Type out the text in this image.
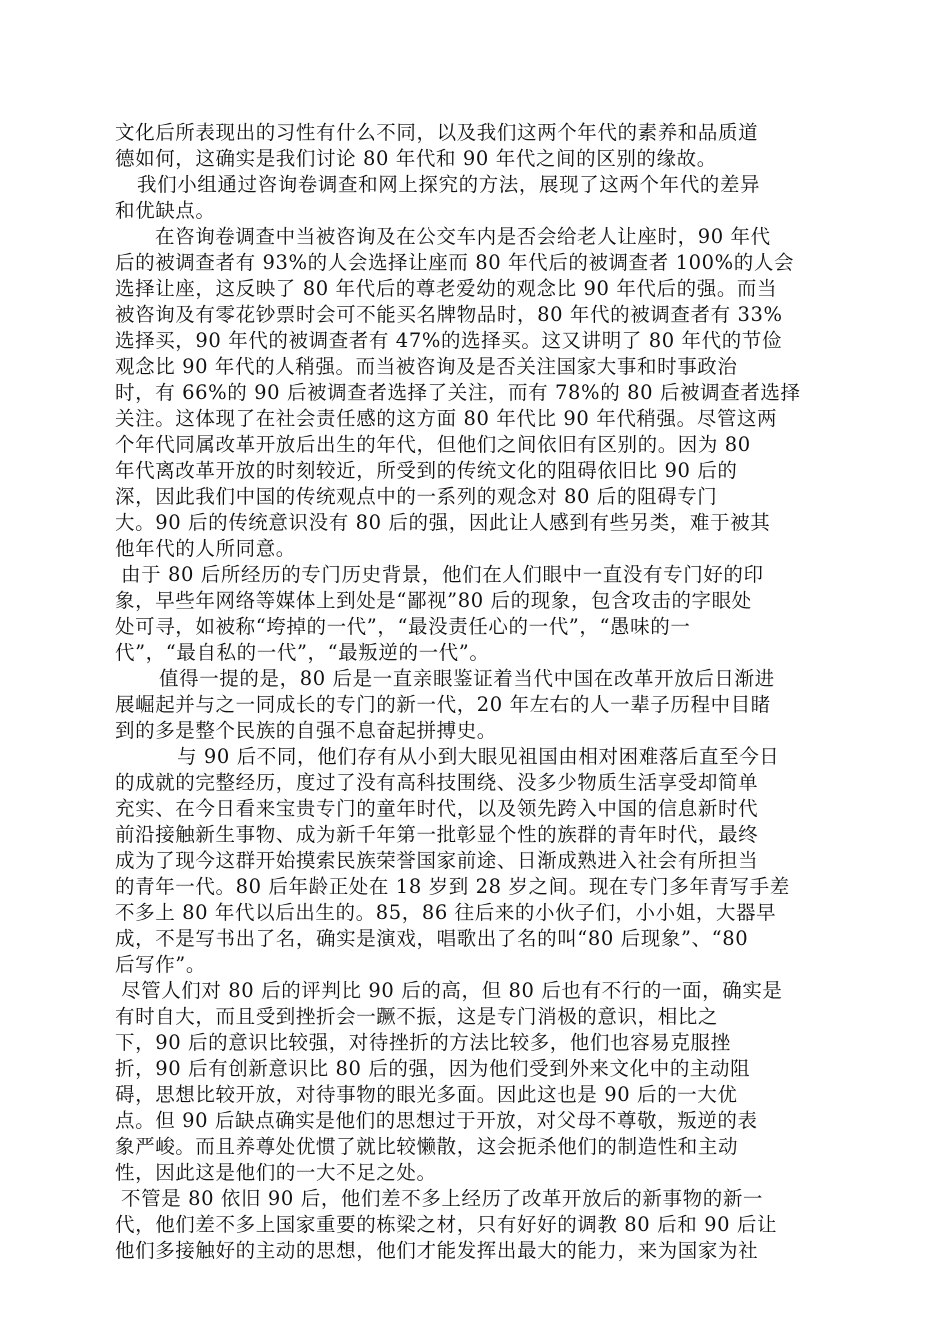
文化后所表现出的习性有什么不同，以及我们这两个年代的素养和品质道
德如何，这确实是我们讨论 80 年代和 90 年代之间的区别的缘故。
我们小组通过咨询卷调查和网上探究的方法，展现了这两个年代的差异
和优缺点。
在咨询卷调查中当被咨询及在公交车内是否会给老人让座时，90 年代
后的被调查者有 93%的人会选择让座而 80 年代后的被调查者 100%的人会
选择让座，这反映了 80 年代后的尊老爱幼的观念比 90 年代后的强。而当
被咨询及有零花钞票时会可不能买名牌物品时，80 年代的被调查者有 33%
选择买，90 年代的被调查者有 47%的选择买。这又讲明了 80 年代的节俭
观念比 90 年代的人稍强。而当被咨询及是否关注国家大事和时事政治
时，有 66%的 90 后被调查者选择了关注，而有 78%的 80 后被调查者选择
关注。这体现了在社会责任感的这方面 80 年代比 90 年代稍强。尽管这两
个年代同属改革开放后出生的年代，但他们之间依旧有区别的。因为 80
年代离改革开放的时刻较近，所受到的传统文化的阻碍依旧比 90 后的
深，因此我们中国的传统观点中的一系列的观念对 80 后的阻碍专门
大。90 后的传统意识没有 80 后的强，因此让人感到有些另类，难于被其
他年代的人所同意。
由于 80 后所经历的专门历史背景，他们在人们眼中一直没有专门好的印
象，早些年网络等媒体上到处是“鄙视”80 后的现象，包含攻击的字眼处
处可寻，如被称“垮掉的一代”，“最没责任心的一代”，“愚味的一
代”，“最自私的一代”，“最叛逆的一代”。
值得一提的是，80 后是一直亲眼鉴证着当代中国在改革开放后日渐进
展崛起并与之一同成长的专门的新一代，20 年左右的人一辈子历程中目睹
到的多是整个民族的自强不息奋起拼搏史。
与 90 后不同，他们存有从小到大眼见祖国由相对困难落后直至今日
的成就的完整经历，度过了没有高科技围绕、没多少物质生活享受却简单
充实、在今日看来宝贵专门的童年时代，以及领先跨入中国的信息新时代
前沿接触新生事物、成为新千年第一批彰显个性的族群的青年时代，最终
成为了现今这群开始摸索民族荣誉国家前途、日渐成熟进入社会有所担当
的青年一代。80 后年龄正处在 18 岁到 28 岁之间。现在专门多年青写手差
不多上 80 年代以后出生的。85，86 往后来的小伙子们，小小姐，大器早
成，不是写书出了名，确实是演戏，唱歌出了名的叫“80 后现象”、“80
后写作”。
尽管人们对 80 后的评判比 90 后的高，但 80 后也有不行的一面，确实是
有时自大，而且受到挫折会一蹶不振，这是专门消极的意识，相比之
下，90 后的意识比较强，对待挫折的方法比较多，他们也容易克服挫
折，90 后有创新意识比 80 后的强，因为他们受到外来文化中的主动阻
碍，思想比较开放，对待事物的眼光多面。因此这也是 90 后的一大优
点。但 90 后缺点确实是他们的思想过于开放，对父母不尊敬，叛逆的表
象严峻。而且养尊处优惯了就比较懒散，这会扼杀他们的制造性和主动
性，因此这是他们的一大不足之处。
不管是 80 依旧 90 后，他们差不多上经历了改革开放后的新事物的新一
代，他们差不多上国家重要的栋梁之材，只有好好的调教 80 后和 90 后让
他们多接触好的主动的思想，他们才能发挥出最大的能力，来为国家为社
